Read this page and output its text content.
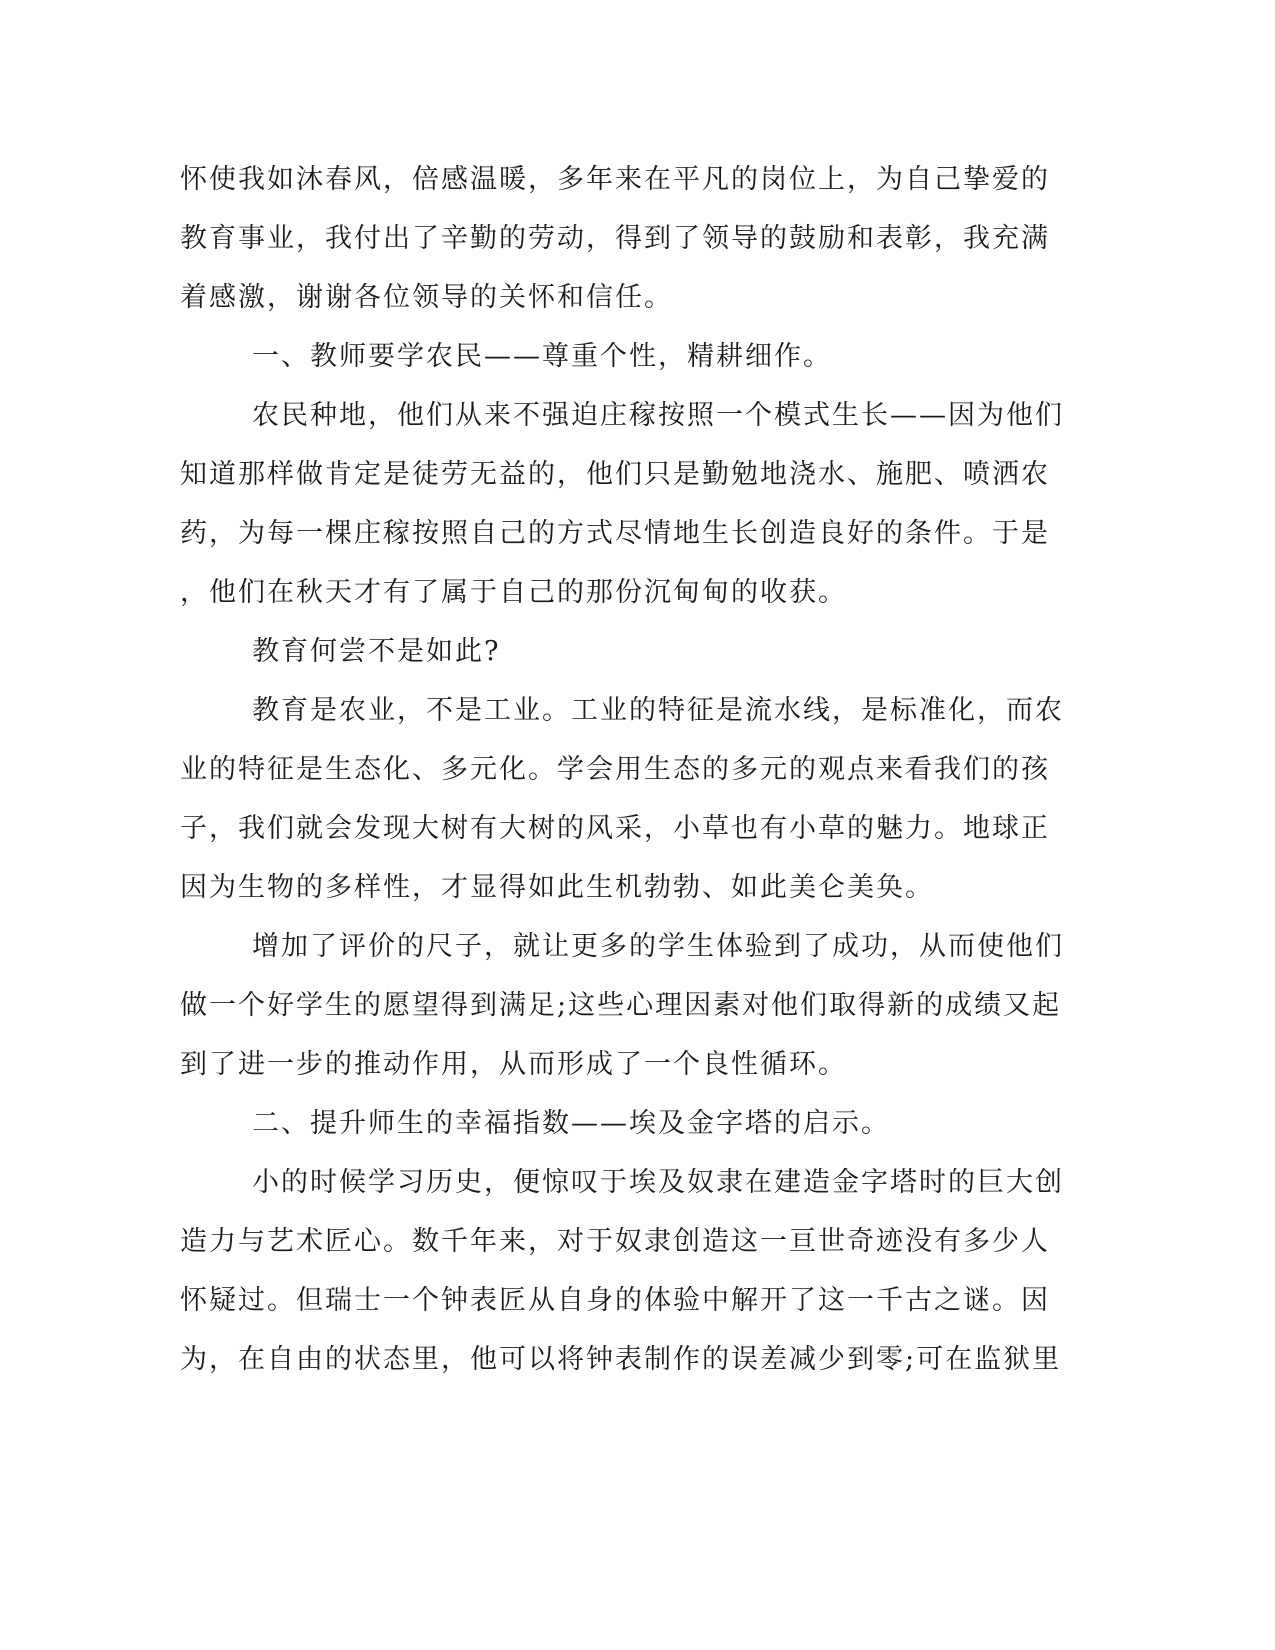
怀使我如沐春风，倍感温暖，多年来在平凡的岗位上，为自己挚爱的
教育事业，我付出了辛勤的劳动，得到了领导的鼓励和表彰，我充满
着感激，谢谢各位领导的关怀和信任。
一、教师要学农民——尊重个性，精耕细作。
农民种地，他们从来不强迫庄稼按照一个模式生长——因为他们
知道那样做肯定是徒劳无益的，他们只是勤勉地浇水、施肥、喷洒农
药，为每一棵庄稼按照自己的方式尽情地生长创造良好的条件。于是
，他们在秋天才有了属于自己的那份沉甸甸的收获。
教育何尝不是如此?
教育是农业，不是工业。工业的特征是流水线，是标准化，而农
业的特征是生态化、多元化。学会用生态的多元的观点来看我们的孩
子，我们就会发现大树有大树的风采，小草也有小草的魅力。地球正
因为生物的多样性，才显得如此生机勃勃、如此美仑美奂。
增加了评价的尺子，就让更多的学生体验到了成功，从而使他们
做一个好学生的愿望得到满足;这些心理因素对他们取得新的成绩又起
到了进一步的推动作用，从而形成了一个良性循环。
二、提升师生的幸福指数——埃及金字塔的启示。
小的时候学习历史，便惊叹于埃及奴隶在建造金字塔时的巨大创
造力与艺术匠心。数千年来，对于奴隶创造这一亘世奇迹没有多少人
怀疑过。但瑞士一个钟表匠从自身的体验中解开了这一千古之谜。因
为，在自由的状态里，他可以将钟表制作的误差减少到零;可在监狱里
